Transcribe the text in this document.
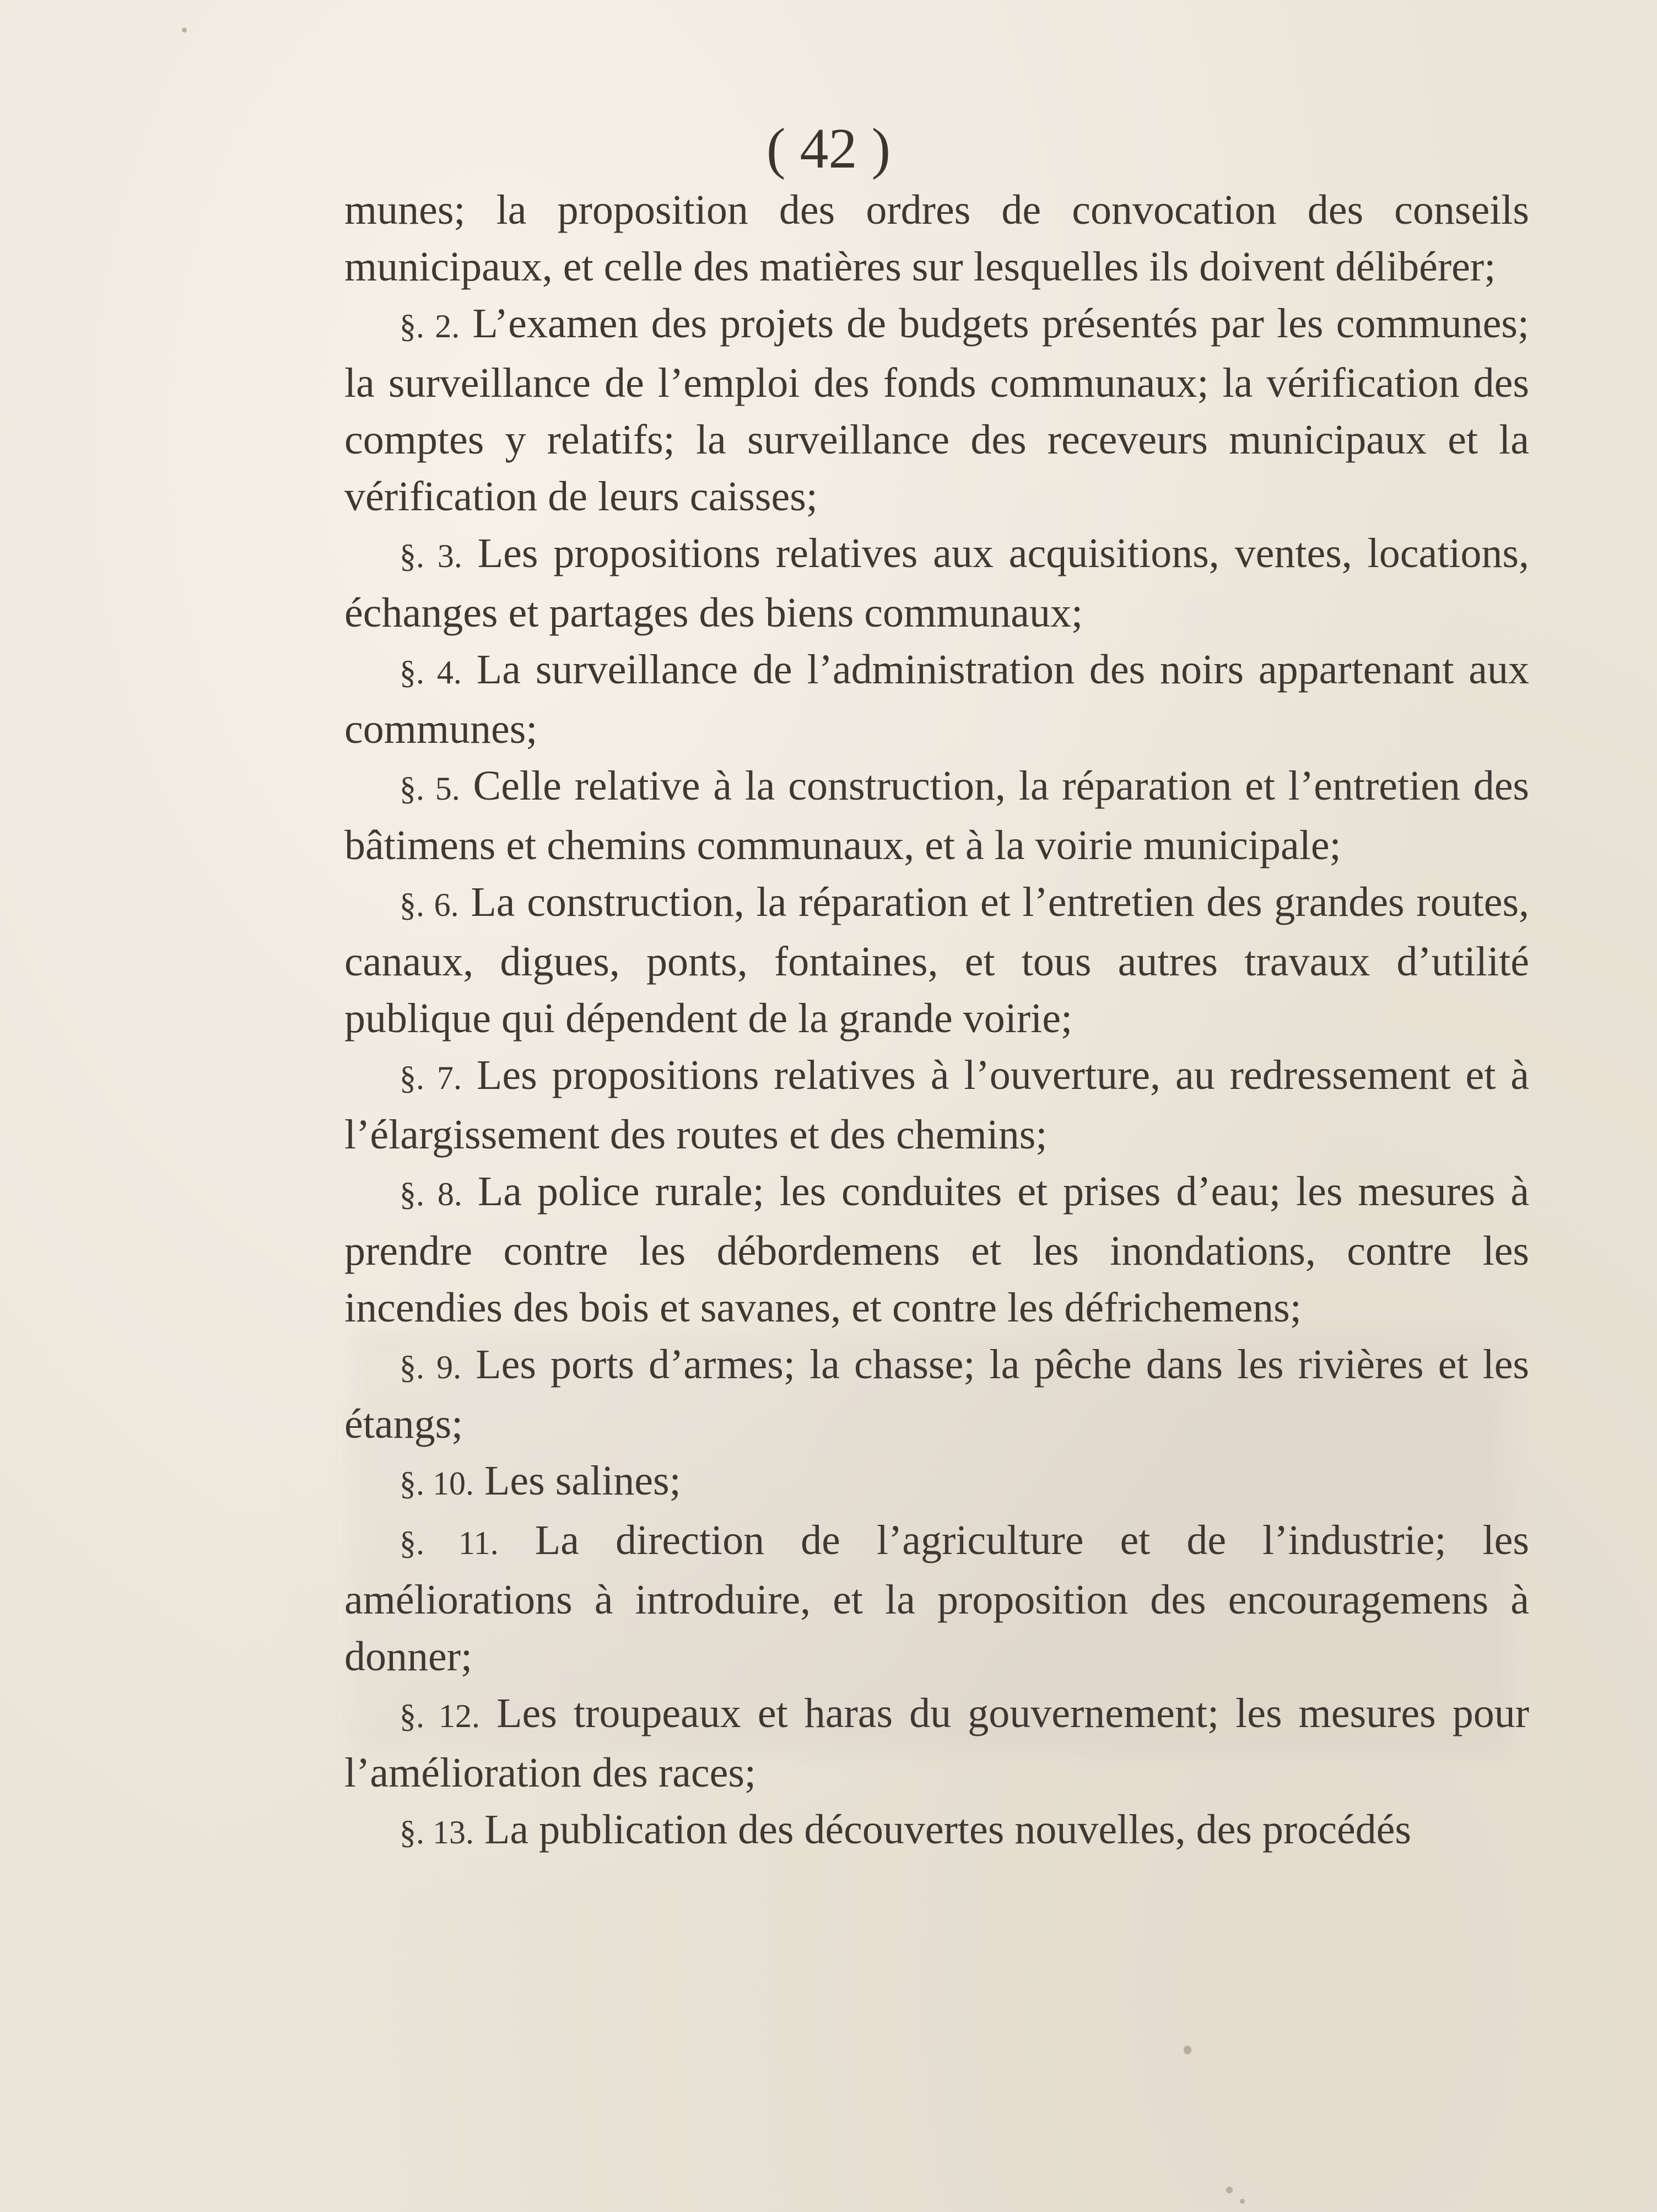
( 42 )

munes; la proposition des ordres de convocation des conseils municipaux, et celle des matières sur lesquelles ils doivent délibérer;

§. 2. L’examen des projets de budgets présentés par les communes; la surveillance de l’emploi des fonds communaux; la vérification des comptes y relatifs; la surveillance des receveurs municipaux et la vérification de leurs caisses;

§. 3. Les propositions relatives aux acquisitions, ventes, locations, échanges et partages des biens communaux;

§. 4. La surveillance de l’administration des noirs appartenant aux communes;

§. 5. Celle relative à la construction, la réparation et l’entretien des bâtimens et chemins communaux, et à la voirie municipale;

§. 6. La construction, la réparation et l’entretien des grandes routes, canaux, digues, ponts, fontaines, et tous autres travaux d’utilité publique qui dépendent de la grande voirie;

§. 7. Les propositions relatives à l’ouverture, au redressement et à l’élargissement des routes et des chemins;

§. 8. La police rurale; les conduites et prises d’eau; les mesures à prendre contre les débordemens et les inondations, contre les incendies des bois et savanes, et contre les défrichemens;

§. 9. Les ports d’armes; la chasse; la pêche dans les rivières et les étangs;

§. 10. Les salines;

§. 11. La direction de l’agriculture et de l’industrie; les améliorations à introduire, et la proposition des encouragemens à donner;

§. 12. Les troupeaux et haras du gouvernement; les mesures pour l’amélioration des races;

§. 13. La publication des découvertes nouvelles, des procédés
